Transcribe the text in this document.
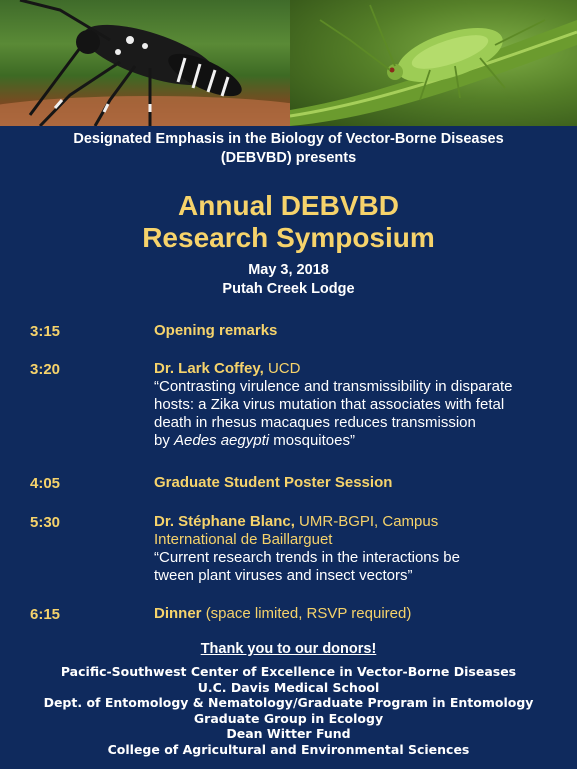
Designated Emphasis in the Biology of Vector-Borne Diseases
(DEBVBD) presents
Annual DEBVBD
Research Symposium
May 3, 2018
Putah Creek Lodge
3:15	Opening remarks
3:20	Dr. Lark Coffey, UCD
“Contrasting virulence and transmissibility in disparate
hosts: a Zika virus mutation that associates with fetal
death in rhesus macaques reduces transmission
by Aedes aegypti mosquitoes”
4:05	Graduate Student Poster Session
5:30	Dr. Stéphane Blanc, UMR-BGPI, Campus
International de Baillarguet
“Current research trends in the interactions be
tween plant viruses and insect vectors”
6:15	Dinner (space limited, RSVP required)
Thank you to our donors!
Pacific-Southwest Center of Excellence in Vector-Borne Diseases
U.C. Davis Medical School
Dept. of Entomology & Nematology/Graduate Program in Entomology
Graduate Group in Ecology
Dean Witter Fund
College of Agricultural and Environmental Sciences
